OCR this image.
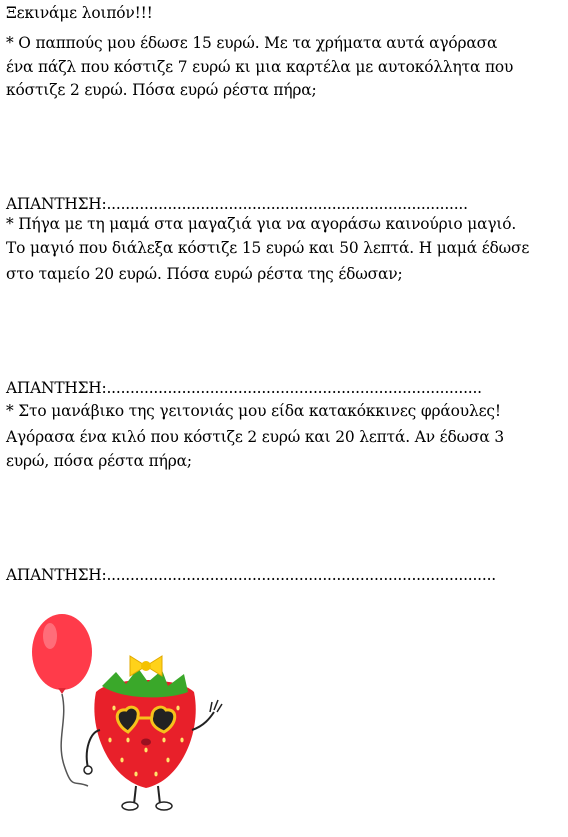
Ξεκινάμε λοιπόν!!!
* Ο παππούς μου έδωσε 15 ευρώ. Με τα χρήματα αυτά αγόρασα
ένα πάζλ που κόστιζε 7 ευρώ κι μια καρτέλα με αυτοκόλλητα που
κόστιζε 2 ευρώ. Πόσα ευρώ ρέστα πήρα;
ΑΠΑΝΤΗΣΗ:.............................................................................
* Πήγα με τη μαμά στα μαγαζιά για να αγοράσω καινούριο μαγιό.
Το μαγιό που διάλεξα κόστιζε 15 ευρώ και 50 λεπτά. Η μαμά έδωσε
στο ταμείο 20 ευρώ. Πόσα ευρώ ρέστα της έδωσαν;
ΑΠΑΝΤΗΣΗ:................................................................................
* Στο μανάβικο της γειτονιάς μου είδα κατακόκκινες φράουλες!
Αγόρασα ένα κιλό που κόστιζε 2 ευρώ και 20 λεπτά. Αν έδωσα 3
ευρώ, πόσα ρέστα πήρα;
ΑΠΑΝΤΗΣΗ:...................................................................................
